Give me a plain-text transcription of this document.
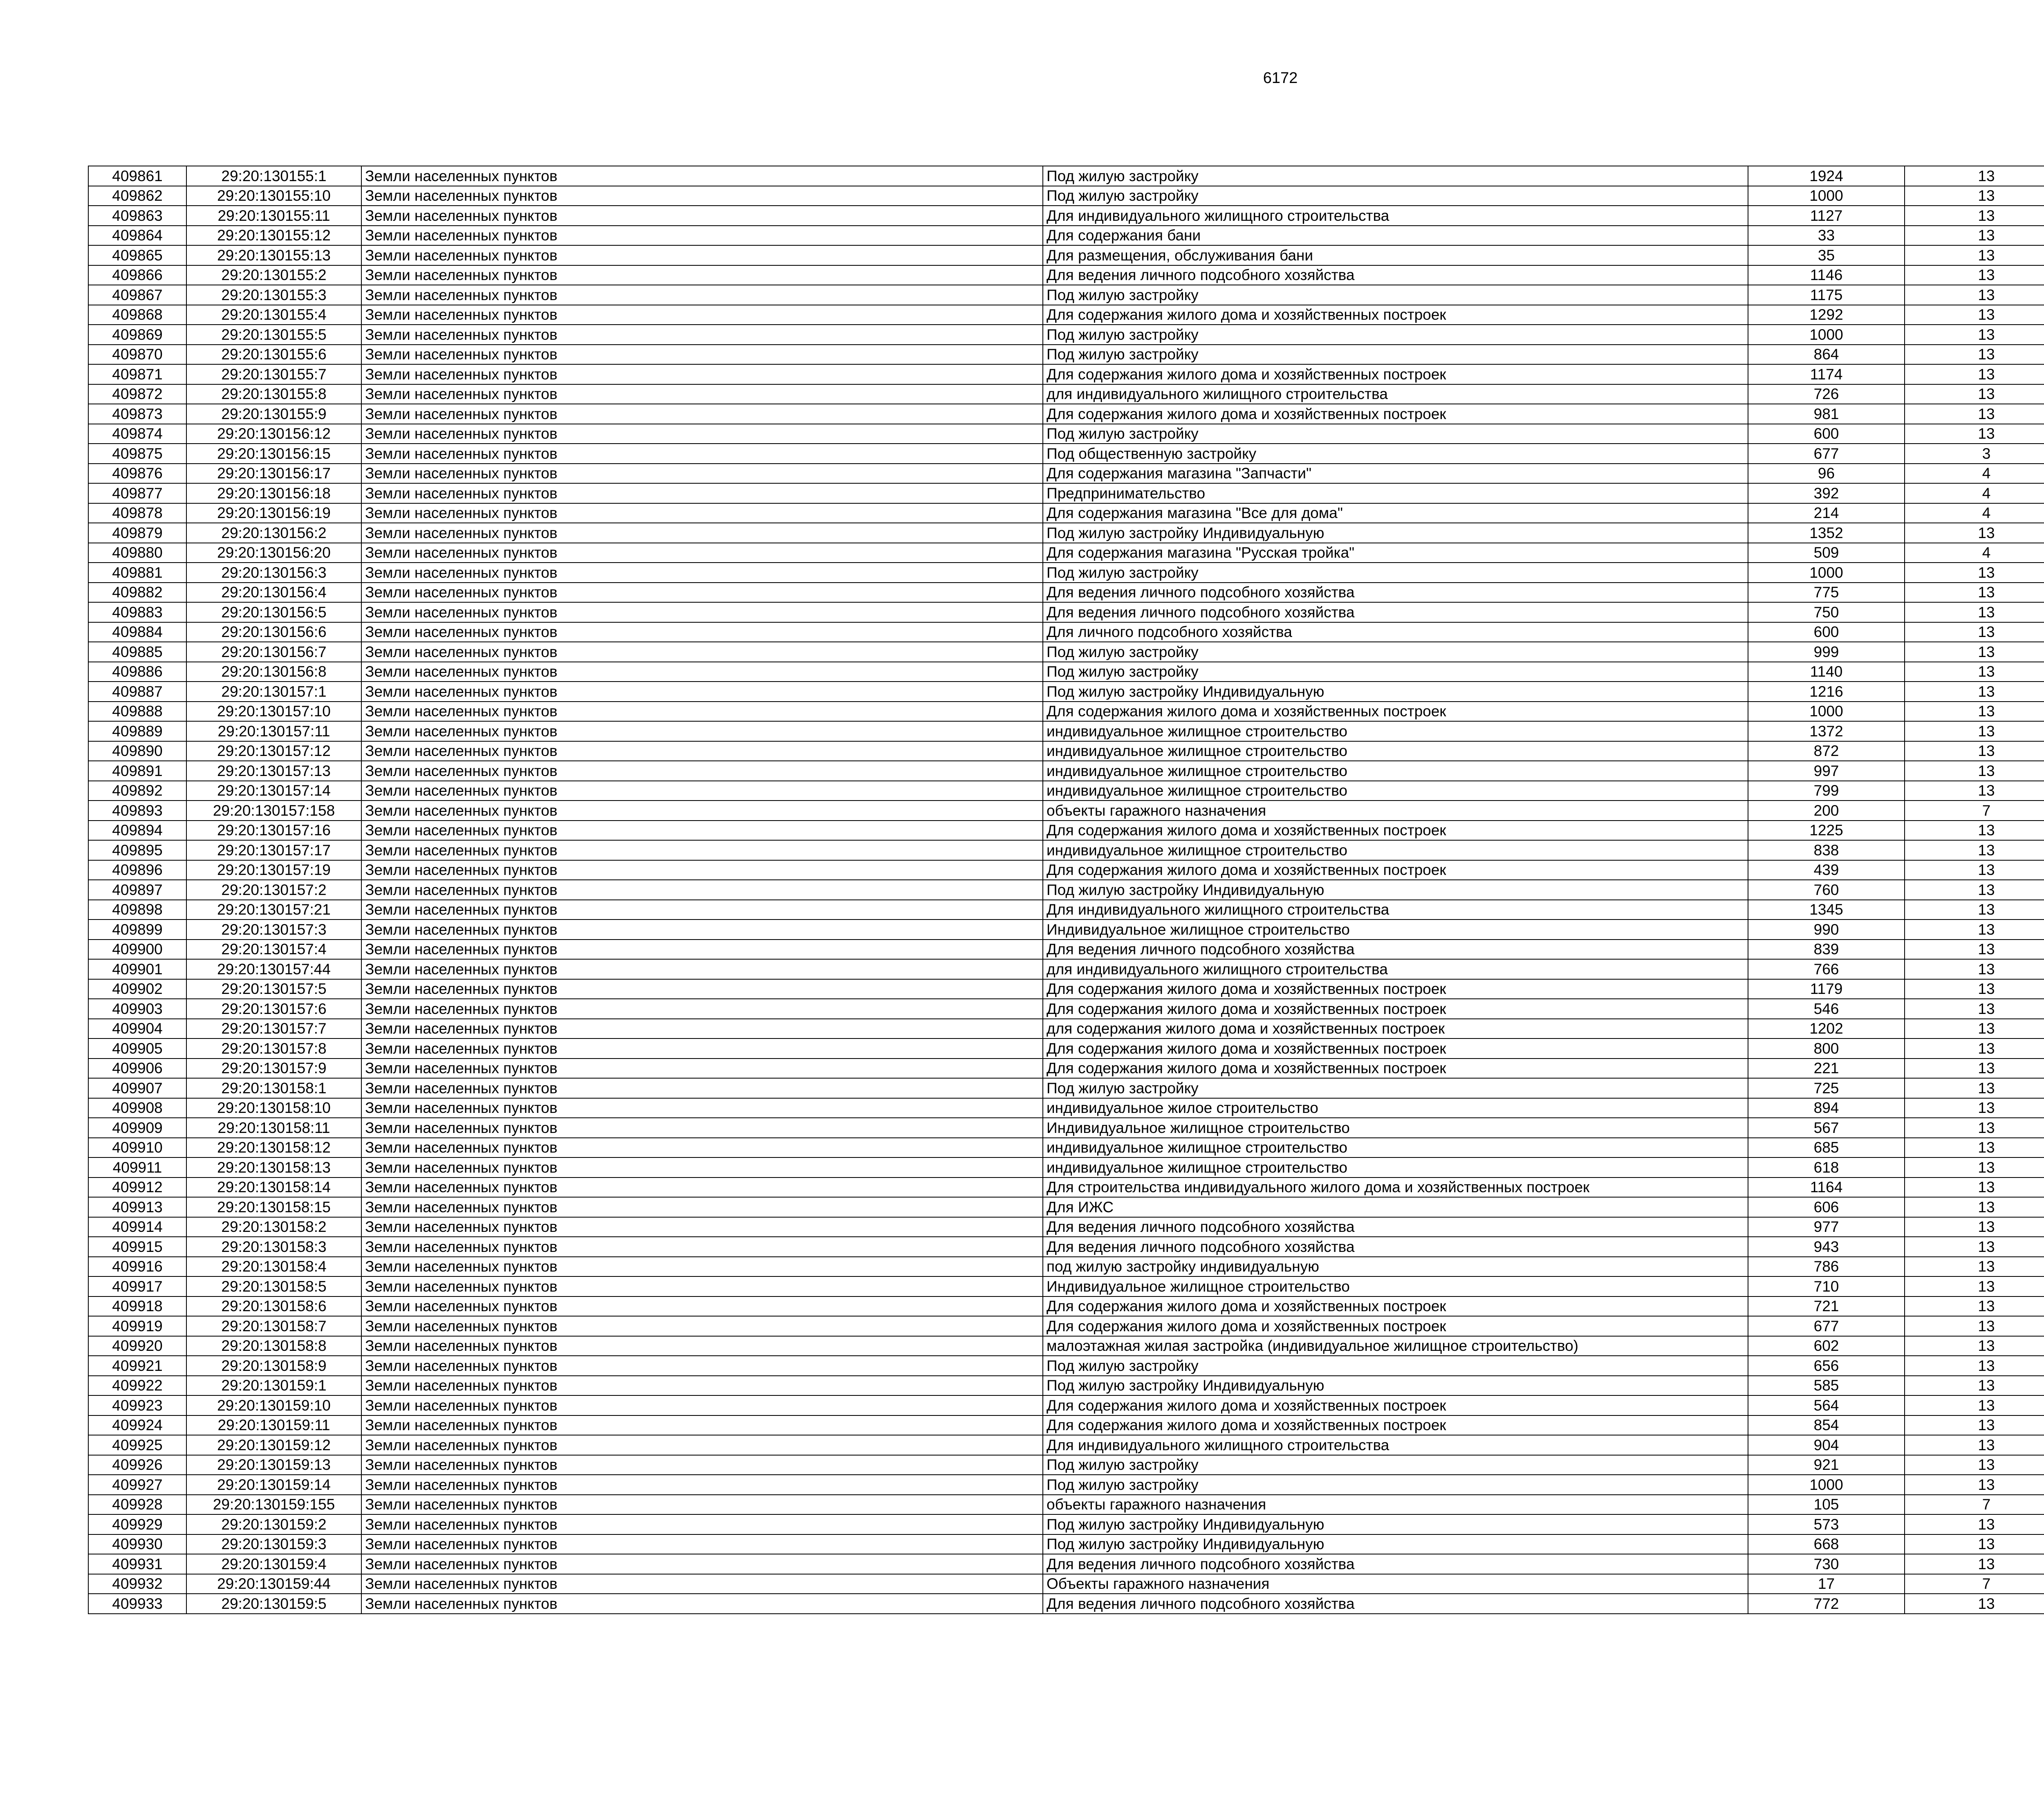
6172
409861	29:20:130155:1	Земли населенных пунктов	Под жилую застройку	1924	13		
409862	29:20:130155:10	Земли населенных пунктов	Под жилую застройку	1000	13		
409863	29:20:130155:11	Земли населенных пунктов	Для индивидуального жилищного строительства	1127	13		
409864	29:20:130155:12	Земли населенных пунктов	Для содержания бани	33	13		
409865	29:20:130155:13	Земли населенных пунктов	Для размещения, обслуживания бани	35	13		
409866	29:20:130155:2	Земли населенных пунктов	Для ведения личного подсобного хозяйства	1146	13		
409867	29:20:130155:3	Земли населенных пунктов	Под жилую застройку	1175	13		
409868	29:20:130155:4	Земли населенных пунктов	Для содержания жилого дома и хозяйственных построек	1292	13		
409869	29:20:130155:5	Земли населенных пунктов	Под жилую застройку	1000	13		
409870	29:20:130155:6	Земли населенных пунктов	Под жилую застройку	864	13		
409871	29:20:130155:7	Земли населенных пунктов	Для содержания жилого дома и хозяйственных построек	1174	13		
409872	29:20:130155:8	Земли населенных пунктов	для индивидуального жилищного строительства	726	13		
409873	29:20:130155:9	Земли населенных пунктов	Для содержания жилого дома и хозяйственных построек	981	13		
409874	29:20:130156:12	Земли населенных пунктов	Под жилую застройку	600	13		
409875	29:20:130156:15	Земли населенных пунктов	Под общественную застройку	677	3		
409876	29:20:130156:17	Земли населенных пунктов	Для содержания магазина "Запчасти"	96	4		
409877	29:20:130156:18	Земли населенных пунктов	Предпринимательство	392	4		
409878	29:20:130156:19	Земли населенных пунктов	Для содержания магазина "Все для дома"	214	4		
409879	29:20:130156:2	Земли населенных пунктов	Под жилую застройку Индивидуальную	1352	13		
409880	29:20:130156:20	Земли населенных пунктов	Для содержания магазина "Русская тройка"	509	4		
409881	29:20:130156:3	Земли населенных пунктов	Под жилую застройку	1000	13		
409882	29:20:130156:4	Земли населенных пунктов	Для ведения личного подсобного хозяйства	775	13		
409883	29:20:130156:5	Земли населенных пунктов	Для ведения личного подсобного хозяйства	750	13		
409884	29:20:130156:6	Земли населенных пунктов	Для личного подсобного хозяйства	600	13		
409885	29:20:130156:7	Земли населенных пунктов	Под жилую застройку	999	13		
409886	29:20:130156:8	Земли населенных пунктов	Под жилую застройку	1140	13		
409887	29:20:130157:1	Земли населенных пунктов	Под жилую застройку Индивидуальную	1216	13		
409888	29:20:130157:10	Земли населенных пунктов	Для содержания жилого дома и хозяйственных построек	1000	13		
409889	29:20:130157:11	Земли населенных пунктов	индивидуальное жилищное строительство	1372	13		
409890	29:20:130157:12	Земли населенных пунктов	индивидуальное жилищное строительство	872	13		
409891	29:20:130157:13	Земли населенных пунктов	индивидуальное жилищное строительство	997	13		
409892	29:20:130157:14	Земли населенных пунктов	индивидуальное жилищное строительство	799	13		
409893	29:20:130157:158	Земли населенных пунктов	объекты гаражного назначения	200	7		
409894	29:20:130157:16	Земли населенных пунктов	Для содержания жилого дома и хозяйственных построек	1225	13		
409895	29:20:130157:17	Земли населенных пунктов	индивидуальное жилищное строительство	838	13		
409896	29:20:130157:19	Земли населенных пунктов	Для содержания жилого дома и хозяйственных построек	439	13		
409897	29:20:130157:2	Земли населенных пунктов	Под жилую застройку Индивидуальную	760	13		
409898	29:20:130157:21	Земли населенных пунктов	Для индивидуального жилищного строительства	1345	13		
409899	29:20:130157:3	Земли населенных пунктов	Индивидуальное жилищное строительство	990	13		
409900	29:20:130157:4	Земли населенных пунктов	Для ведения личного подсобного хозяйства	839	13		
409901	29:20:130157:44	Земли населенных пунктов	для индивидуального жилищного строительства	766	13		
409902	29:20:130157:5	Земли населенных пунктов	Для содержания жилого дома и хозяйственных построек	1179	13		
409903	29:20:130157:6	Земли населенных пунктов	Для содержания жилого дома и хозяйственных построек	546	13		
409904	29:20:130157:7	Земли населенных пунктов	для содержания жилого дома и хозяйственных построек	1202	13		
409905	29:20:130157:8	Земли населенных пунктов	Для содержания жилого дома и хозяйственных построек	800	13		
409906	29:20:130157:9	Земли населенных пунктов	Для содержания жилого дома и хозяйственных построек	221	13		
409907	29:20:130158:1	Земли населенных пунктов	Под жилую застройку	725	13		
409908	29:20:130158:10	Земли населенных пунктов	индивидуальное жилое строительство	894	13		
409909	29:20:130158:11	Земли населенных пунктов	Индивидуальное жилищное строительство	567	13		
409910	29:20:130158:12	Земли населенных пунктов	индивидуальное жилищное строительство	685	13		
409911	29:20:130158:13	Земли населенных пунктов	индивидуальное жилищное строительство	618	13		
409912	29:20:130158:14	Земли населенных пунктов	Для строительства индивидуального жилого дома и хозяйственных построек	1164	13		
409913	29:20:130158:15	Земли населенных пунктов	Для ИЖС	606	13		
409914	29:20:130158:2	Земли населенных пунктов	Для ведения личного подсобного хозяйства	977	13		
409915	29:20:130158:3	Земли населенных пунктов	Для ведения личного подсобного хозяйства	943	13		
409916	29:20:130158:4	Земли населенных пунктов	под жилую застройку индивидуальную	786	13		
409917	29:20:130158:5	Земли населенных пунктов	Индивидуальное жилищное строительство	710	13		
409918	29:20:130158:6	Земли населенных пунктов	Для содержания жилого дома и хозяйственных построек	721	13		
409919	29:20:130158:7	Земли населенных пунктов	Для содержания жилого дома и хозяйственных построек	677	13		
409920	29:20:130158:8	Земли населенных пунктов	малоэтажная жилая застройка (индивидуальное жилищное строительство)	602	13		
409921	29:20:130158:9	Земли населенных пунктов	Под жилую застройку	656	13		
409922	29:20:130159:1	Земли населенных пунктов	Под жилую застройку Индивидуальную	585	13		
409923	29:20:130159:10	Земли населенных пунктов	Для содержания жилого дома и хозяйственных построек	564	13		
409924	29:20:130159:11	Земли населенных пунктов	Для содержания жилого дома и хозяйственных построек	854	13		
409925	29:20:130159:12	Земли населенных пунктов	Для индивидуального жилищного строительства	904	13		
409926	29:20:130159:13	Земли населенных пунктов	Под жилую застройку	921	13		
409927	29:20:130159:14	Земли населенных пунктов	Под жилую застройку	1000	13		
409928	29:20:130159:155	Земли населенных пунктов	объекты гаражного назначения	105	7		
409929	29:20:130159:2	Земли населенных пунктов	Под жилую застройку Индивидуальную	573	13		
409930	29:20:130159:3	Земли населенных пунктов	Под жилую застройку Индивидуальную	668	13		
409931	29:20:130159:4	Земли населенных пунктов	Для ведения личного подсобного хозяйства	730	13		
409932	29:20:130159:44	Земли населенных пунктов	Объекты гаражного назначения	17	7		
409933	29:20:130159:5	Земли населенных пунктов	Для ведения личного подсобного хозяйства	772	13		
